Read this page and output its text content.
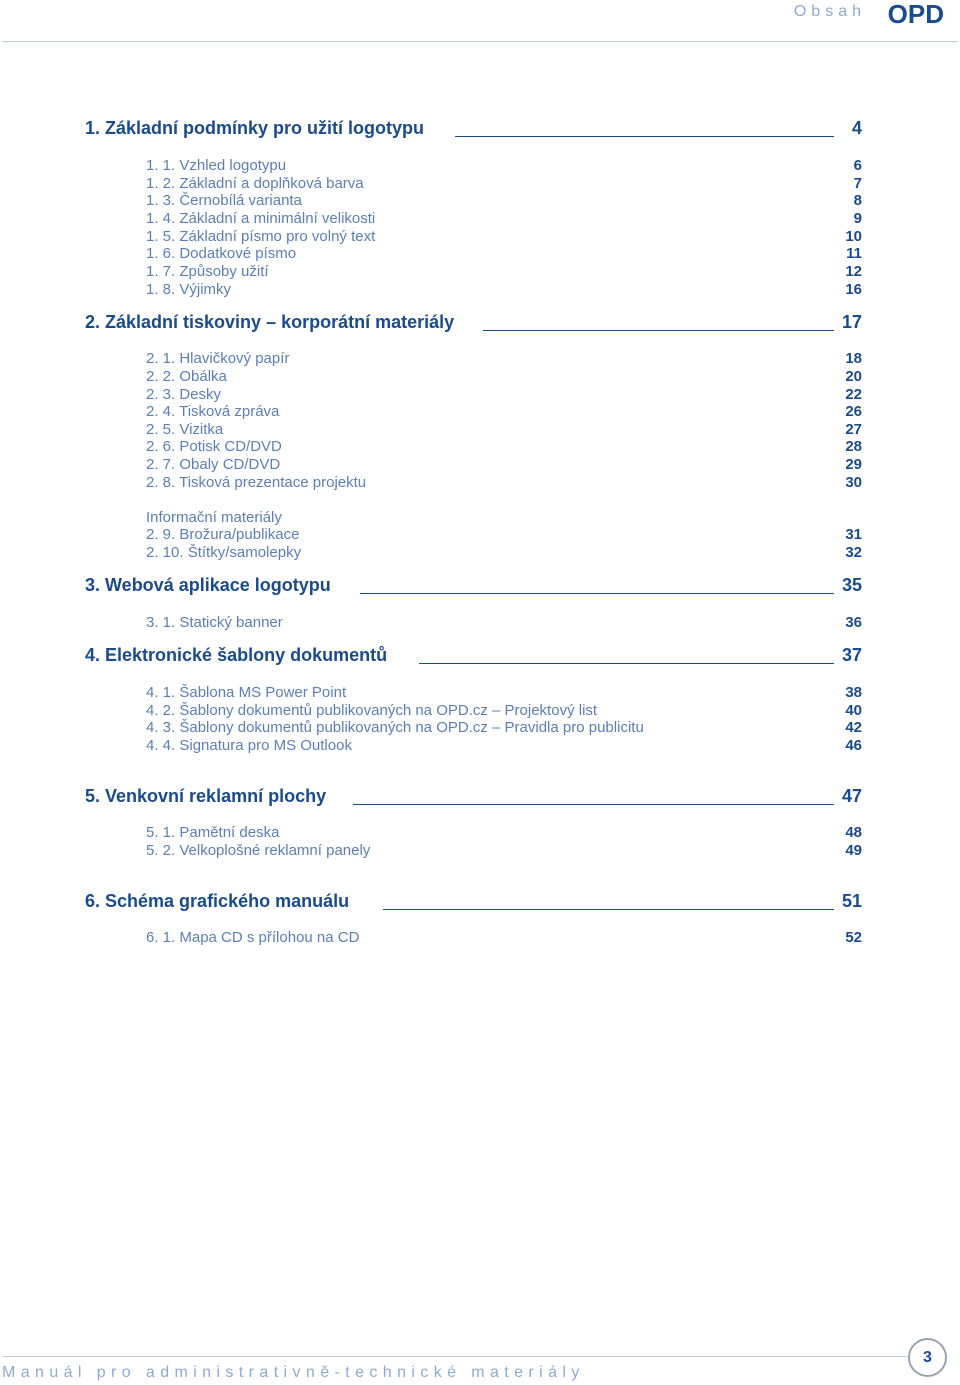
Obsah OPD
1. Základní podmínky pro užití logotypu	4
1. 1. Vzhled logotypu	6
1. 2. Základní a doplňková barva	7
1. 3. Černobílá varianta	8
1. 4. Základní a minimální velikosti	9
1. 5. Základní písmo pro volný text	10
1. 6. Dodatkové písmo	11
1. 7. Způsoby užití	12
1. 8. Výjimky	16
2. Základní tiskoviny – korporátní materiály	17
2. 1. Hlavičkový papír	18
2. 2. Obálka	20
2. 3. Desky	22
2. 4. Tisková zpráva	26
2. 5. Vizitka	27
2. 6. Potisk CD/DVD	28
2. 7. Obaly CD/DVD	29
2. 8. Tisková prezentace projektu	30
Informační materiály
2. 9. Brožura/publikace	31
2. 10. Štítky/samolepky	32
3. Webová aplikace logotypu	35
3. 1. Statický banner	36
4. Elektronické šablony dokumentů	37
4. 1. Šablona MS Power Point	38
4. 2. Šablony dokumentů publikovaných na OPD.cz – Projektový list	40
4. 3. Šablony dokumentů publikovaných na OPD.cz – Pravidla pro publicitu	42
4. 4. Signatura pro MS Outlook	46
5. Venkovní reklamní plochy	47
5. 1. Pamětní deska	48
5. 2. Velkoplošné reklamní panely	49
6. Schéma grafického manuálu	51
6. 1. Mapa CD s přílohou na CD	52
Manuál pro administrativně-technické materiály
3
